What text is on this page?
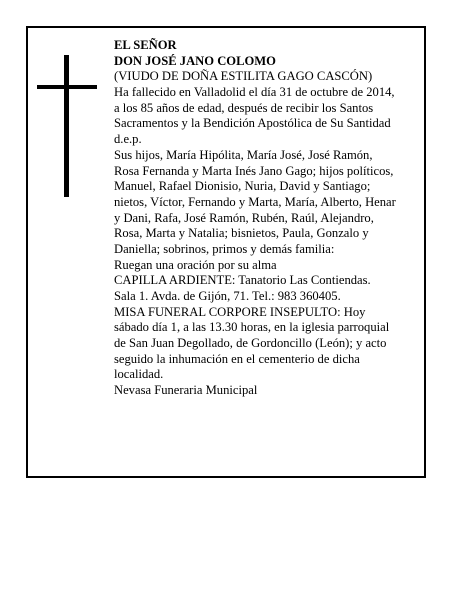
EL SEÑOR
DON JOSÉ JANO COLOMO
(VIUDO DE DOÑA ESTILITA GAGO CASCÓN)
Ha fallecido en Valladolid el día 31 de octubre de 2014,
a los 85 años de edad, después de recibir los Santos
Sacramentos y la Bendición Apostólica de Su Santidad
d.e.p.
Sus hijos, María Hipólita, María José, José Ramón,
Rosa Fernanda y Marta Inés Jano Gago; hijos políticos,
Manuel, Rafael Dionisio, Nuria, David y Santiago;
nietos, Víctor, Fernando y Marta, María, Alberto, Henar
y Dani, Rafa, José Ramón, Rubén, Raúl, Alejandro,
Rosa, Marta y Natalia; bisnietos, Paula, Gonzalo y
Daniella; sobrinos, primos y demás familia:
Ruegan una oración por su alma
CAPILLA ARDIENTE: Tanatorio Las Contiendas.
Sala 1. Avda. de Gijón, 71. Tel.: 983 360405.
MISA FUNERAL CORPORE INSEPULTO: Hoy
sábado día 1, a las 13.30 horas, en la iglesia parroquial
de San Juan Degollado, de Gordoncillo (León); y acto
seguido la inhumación en el cementerio de dicha
localidad.
Nevasa Funeraria Municipal
